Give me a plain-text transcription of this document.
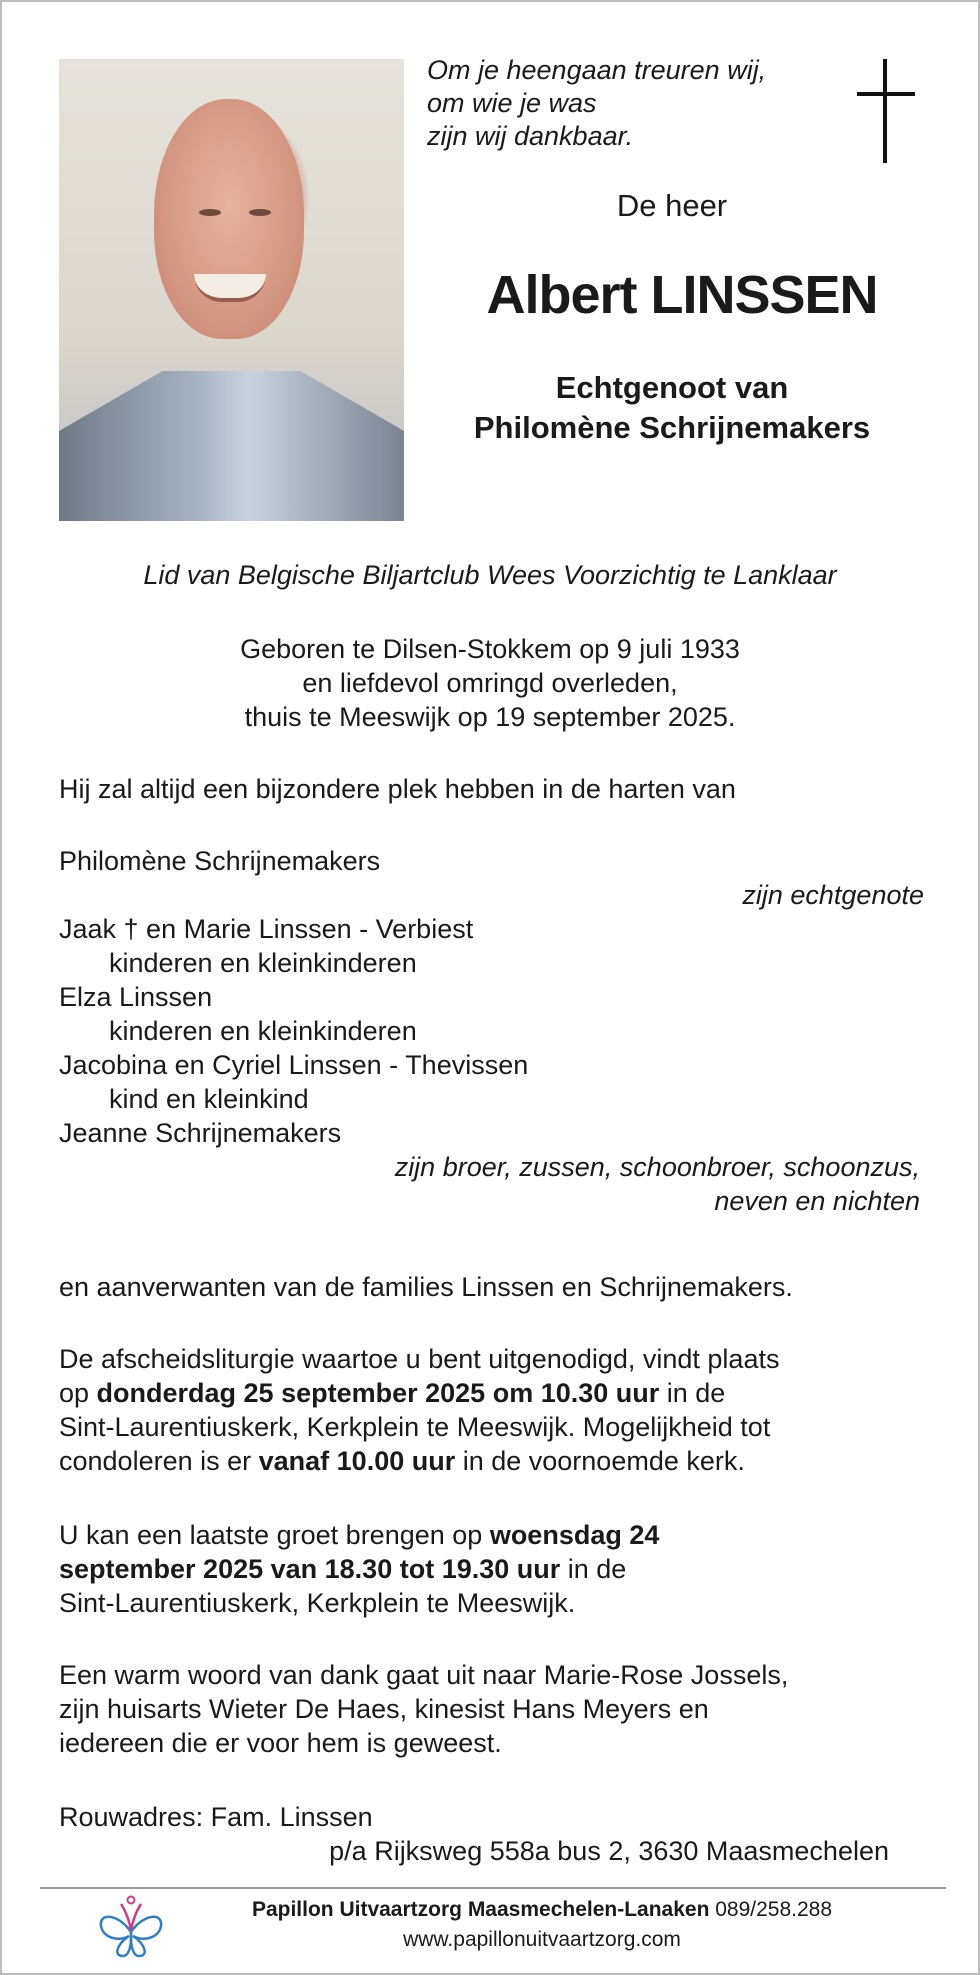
Om je heengaan treuren wij,
om wie je was
zijn wij dankbaar.
De heer
Albert LINSSEN
Echtgenoot van
Philomène Schrijnemakers
Lid van Belgische Biljartclub Wees Voorzichtig te Lanklaar
Geboren te Dilsen-Stokkem op 9 juli 1933
en liefdevol omringd overleden,
thuis te Meeswijk op 19 september 2025.
Hij zal altijd een bijzondere plek hebben in de harten van
Philomène Schrijnemakers
zijn echtgenote
Jaak † en Marie Linssen - Verbiest
kinderen en kleinkinderen
Elza Linssen
kinderen en kleinkinderen
Jacobina en Cyriel Linssen - Thevissen
kind en kleinkind
Jeanne Schrijnemakers
zijn broer, zussen, schoonbroer, schoonzus,
neven en nichten
en aanverwanten van de families Linssen en Schrijnemakers.
De afscheidsliturgie waartoe u bent uitgenodigd, vindt plaats
op donderdag 25 september 2025 om 10.30 uur in de
Sint-Laurentiuskerk, Kerkplein te Meeswijk. Mogelijkheid tot
condoleren is er vanaf 10.00 uur in de voornoemde kerk.
U kan een laatste groet brengen op woensdag 24
september 2025 van 18.30 tot 19.30 uur in de
Sint-Laurentiuskerk, Kerkplein te Meeswijk.
Een warm woord van dank gaat uit naar Marie-Rose Jossels,
zijn huisarts Wieter De Haes, kinesist Hans Meyers en
iedereen die er voor hem is geweest.
Rouwadres: Fam. Linssen
p/a Rijksweg 558a bus 2, 3630 Maasmechelen
Papillon Uitvaartzorg Maasmechelen-Lanaken 089/258.288
www.papillonuitvaartzorg.com
